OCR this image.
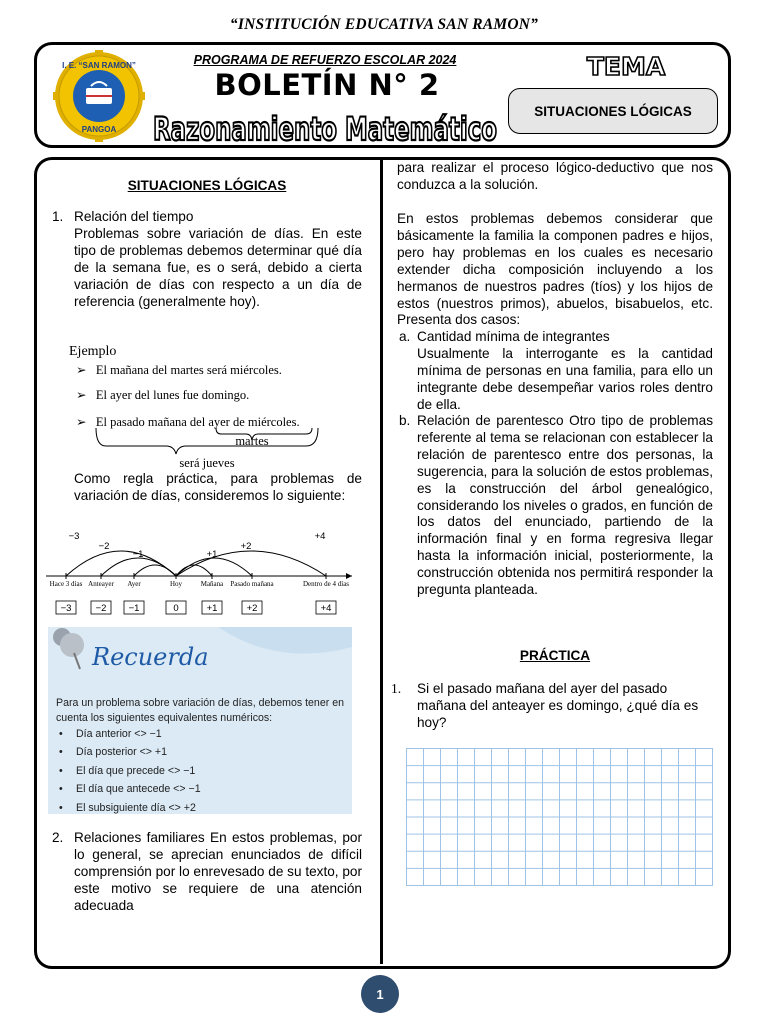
“INSTITUCIÓN EDUCATIVA SAN RAMON”
I. E. “SAN RAMON”
PANGOA
PROGRAMA DE REFUERZO ESCOLAR 2024
BOLETÍN N° 2
Razonamiento Matemático
TEMA
SITUACIONES LÓGICAS
SITUACIONES LÓGICAS
1. Relación del tiempo
Problemas sobre variación de días. En este tipo de problemas debemos determinar qué día de la semana fue, es o será, debido a cierta variación de días con respecto a un día de referencia (generalmente hoy).
Ejemplo
➢ El mañana del martes será miércoles.
➢ El ayer del lunes fue domingo.
➢ El pasado mañana del ayer de miércoles.
martes
será jueves
Como regla práctica, para problemas de variación de días, consideremos lo siguiente:
−3
−2
−1	+1
+2
+4
Hace 3 días Anteayer Ayer	Hoy	Mañana Pasado mañana	Dentro de 4 días
−3	−2 −1	0	+1	+2	+4
Recuerda
Para un problema sobre variación de días, debemos tener en cuenta los siguientes equivalentes numéricos:
• Día anterior <> −1
• Día posterior <> +1
• El día que precede <> −1
• El día que antecede <> −1
• El subsiguiente día <> +2
2. Relaciones familiares En estos problemas, por lo general, se aprecian enunciados de difícil comprensión por lo enrevesado de su texto, por este motivo se requiere de una atención adecuada
para realizar el proceso lógico-deductivo que nos conduzca a la solución.
En estos problemas debemos considerar que básicamente la familia la componen padres e hijos, pero hay problemas en los cuales es necesario extender dicha composición incluyendo a los hermanos de nuestros padres (tíos) y los hijos de estos (nuestros primos), abuelos, bisabuelos, etc. Presenta dos casos:
a. Cantidad mínima de integrantes
Usualmente la interrogante es la cantidad mínima de personas en una familia, para ello un integrante debe desempeñar varios roles dentro de ella.
b. Relación de parentesco Otro tipo de problemas referente al tema se relacionan con establecer la relación de parentesco entre dos personas, la sugerencia, para la solución de estos problemas, es la construcción del árbol genealógico, considerando los niveles o grados, en función de los datos del enunciado, partiendo de la información final y en forma regresiva llegar hasta la información inicial, posteriormente, la construcción obtenida nos permitirá responder la pregunta planteada.
PRÁCTICA
1. Si el pasado mañana del ayer del pasado mañana del anteayer es domingo, ¿qué día es hoy?
1
